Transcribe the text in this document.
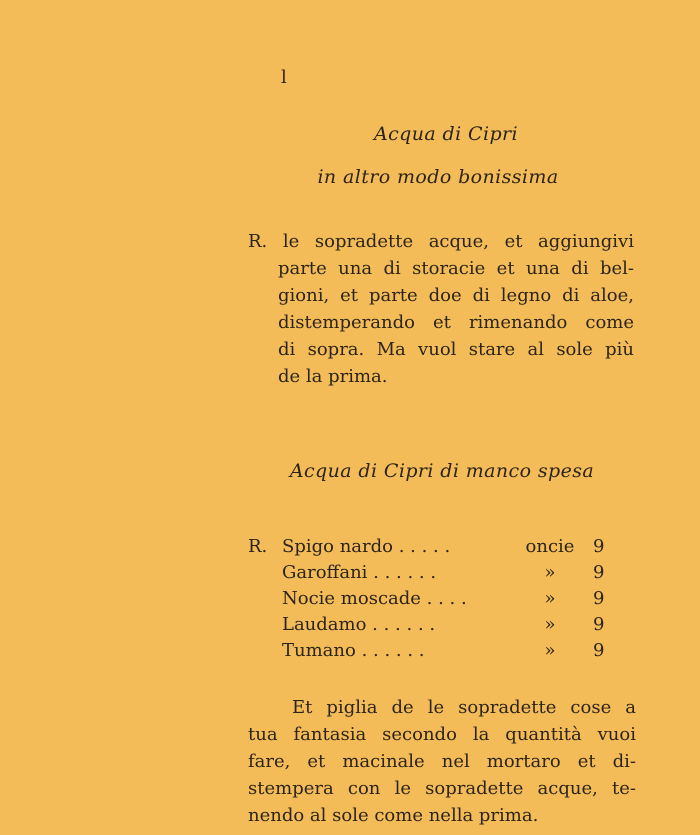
l
Acqua di Cipri
in altro modo bonissima
R. le sopradette acque, et aggiungivi
parte una di storacie et una di bel-
gioni, et parte doe di legno di aloe,
distemperando et rimenando come
di sopra. Ma vuol stare al sole più
de la prima.
Acqua di Cipri di manco spesa
R. Spigo nardo . . . . .	oncie 9
Garoffani . . . . . .	»	9
Nocie moscade . . . .	»	9
Laudamo . . . . . .	»	9
Tumano . . . . . .	»	9
Et piglia de le sopradette cose a
tua fantasia secondo la quantità vuoi
fare, et macinale nel mortaro et di-
stempera con le sopradette acque, te-
nendo al sole come nella prima.
